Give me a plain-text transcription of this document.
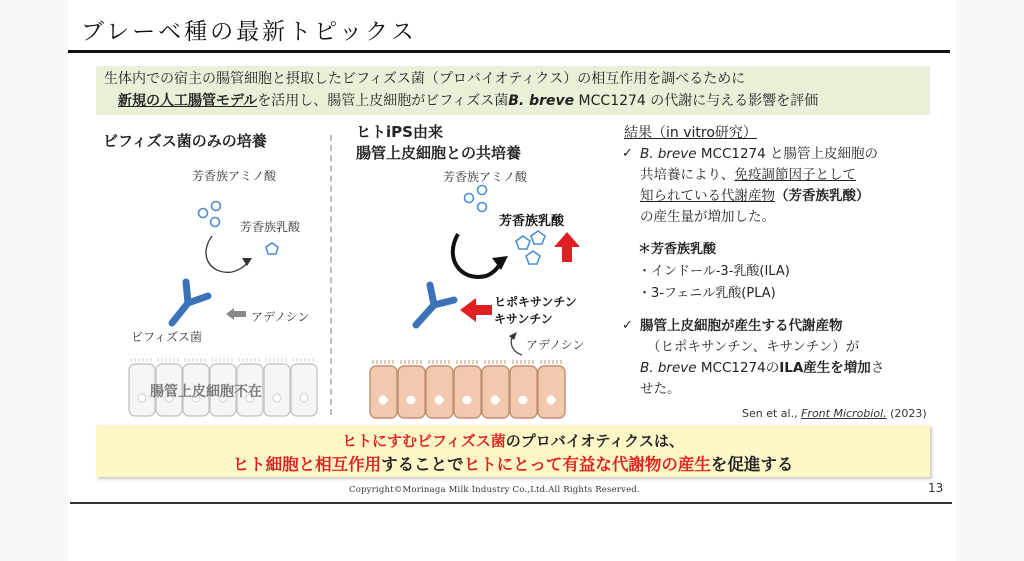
ブレーベ種の最新トピックス
生体内での宿主の腸管細胞と摂取したビフィズス菌（プロバイオティクス）の相互作用を調べるために
新規の人工腸管モデルを活用し、腸管上皮細胞がビフィズス菌B. breve MCC1274 の代謝に与える影響を評価
ビフィズス菌のみの培養
芳香族アミノ酸
芳香族乳酸
アデノシン
ビフィズス菌
ヒトiPS由来
腸管上皮細胞との共培養
芳香族アミノ酸
芳香族乳酸
ヒポキサンチン
キサンチン
アデノシン
腸管上皮細胞不在
結果（in vitro研究）
✓ B. breve MCC1274 と腸管上皮細胞の
共培養により、免疫調節因子として
知られている代謝産物（芳香族乳酸）
の産生量が増加した。
＊芳香族乳酸
・インドール-3-乳酸(ILA)
・3-フェニル乳酸(PLA)
✓ 腸管上皮細胞が産生する代謝産物
（ヒポキサンチン、キサンチン）が
B. breve MCC1274のILA産生を増加さ
せた。
Sen et al., Front Microbiol. (2023)
ヒトにすむビフィズス菌のプロバイオティクスは、
ヒト細胞と相互作用することでヒトにとって有益な代謝物の産生を促進する
Copyright©Morinaga Milk Industry Co.,Ltd.All Rights Reserved.	13
